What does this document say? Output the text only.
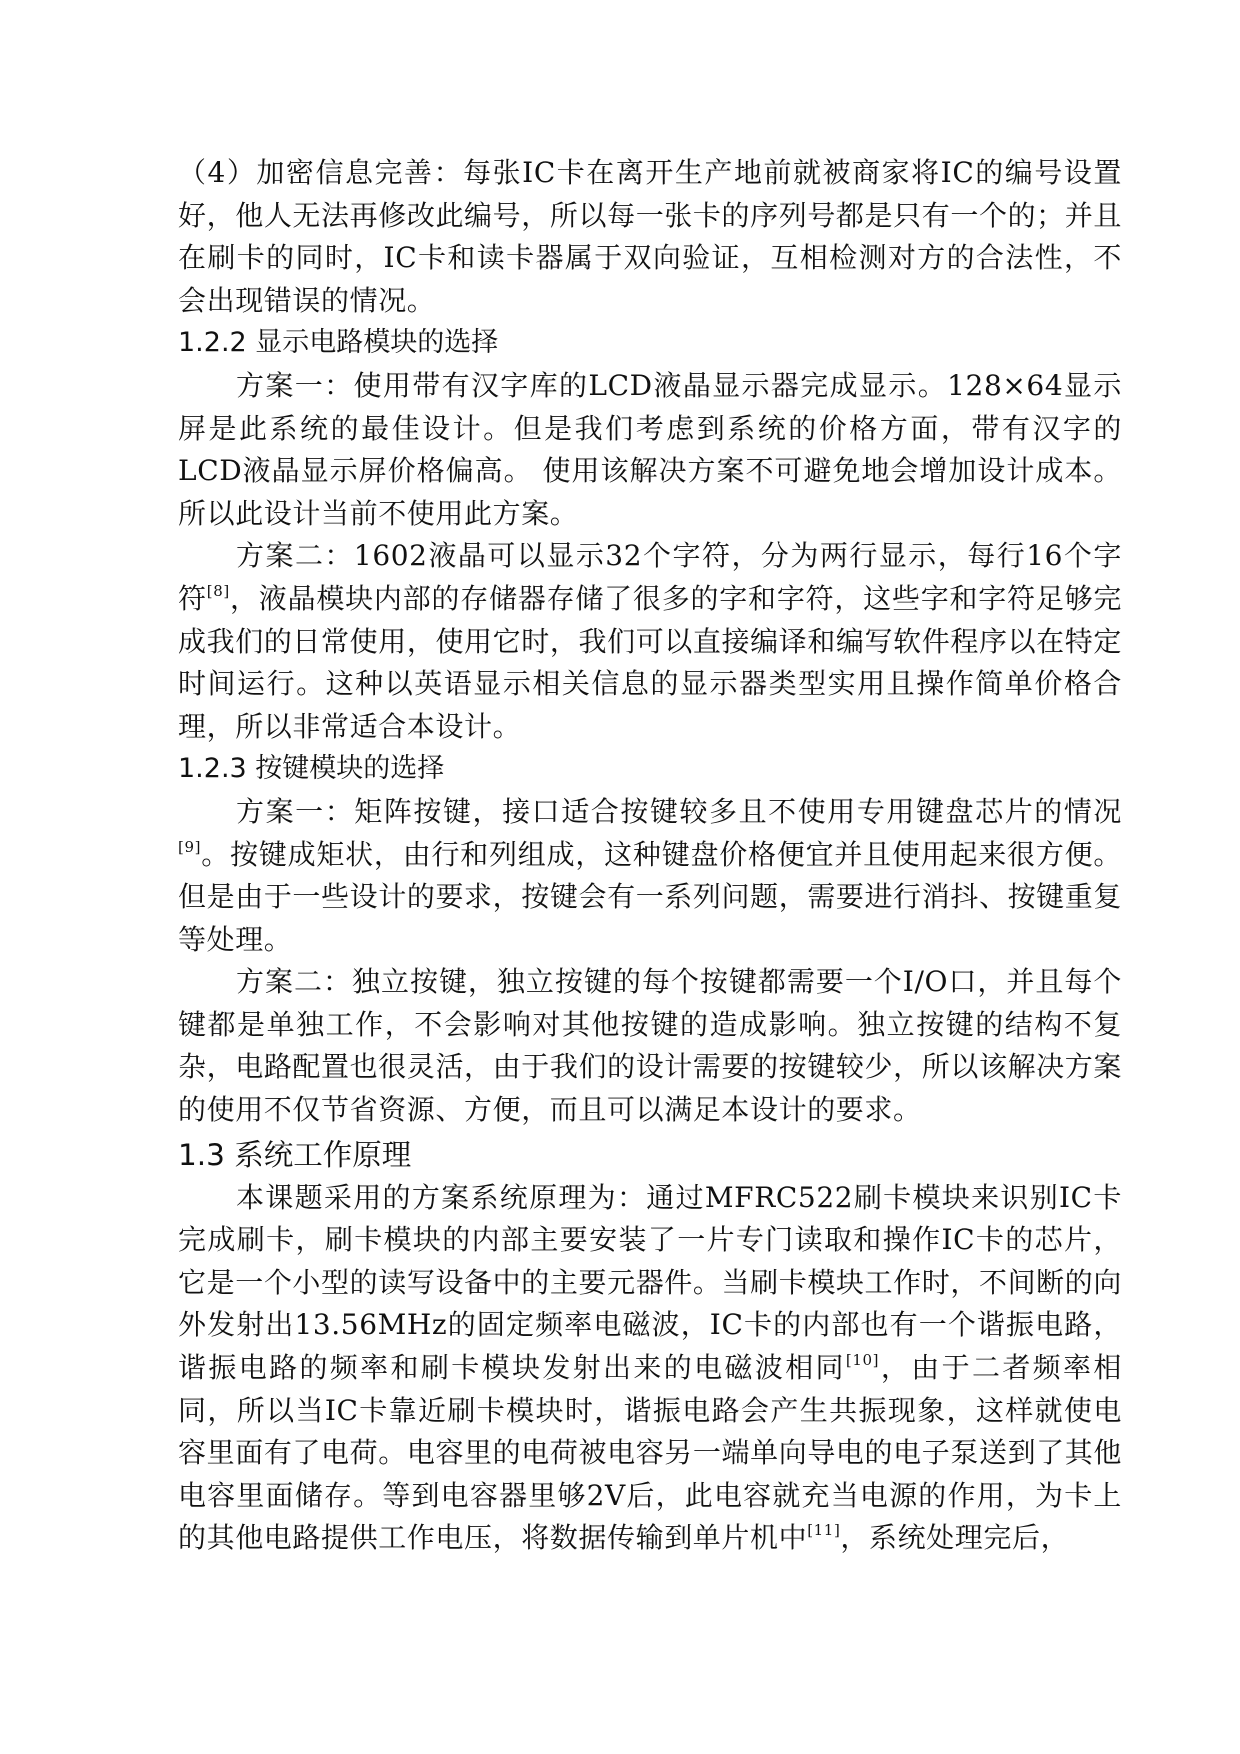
（4）加密信息完善：每张IC卡在离开生产地前就被商家将IC的编号设置好，他人无法再修改此编号，所以每一张卡的序列号都是只有一个的；并且在刷卡的同时，IC卡和读卡器属于双向验证，互相检测对方的合法性，不会出现错误的情况。

1.2.2 显示电路模块的选择

方案一：使用带有汉字库的LCD液晶显示器完成显示。128×64显示屏是此系统的最佳设计。但是我们考虑到系统的价格方面，带有汉字的LCD液晶显示屏价格偏高。 使用该解决方案不可避免地会增加设计成本。所以此设计当前不使用此方案。

方案二：1602液晶可以显示32个字符，分为两行显示，每行16个字符[8]，液晶模块内部的存储器存储了很多的字和字符，这些字和字符足够完成我们的日常使用，使用它时，我们可以直接编译和编写软件程序以在特定时间运行。这种以英语显示相关信息的显示器类型实用且操作简单价格合理，所以非常适合本设计。

1.2.3 按键模块的选择

方案一：矩阵按键，接口适合按键较多且不使用专用键盘芯片的情况[9]。按键成矩状，由行和列组成，这种键盘价格便宜并且使用起来很方便。但是由于一些设计的要求，按键会有一系列问题，需要进行消抖、按键重复等处理。

方案二：独立按键，独立按键的每个按键都需要一个I/O口，并且每个键都是单独工作，不会影响对其他按键的造成影响。独立按键的结构不复杂，电路配置也很灵活，由于我们的设计需要的按键较少，所以该解决方案的使用不仅节省资源、方便，而且可以满足本设计的要求。

1.3 系统工作原理

本课题采用的方案系统原理为：通过MFRC522刷卡模块来识别IC卡完成刷卡，刷卡模块的内部主要安装了一片专门读取和操作IC卡的芯片，它是一个小型的读写设备中的主要元器件。当刷卡模块工作时，不间断的向外发射出13.56MHz的固定频率电磁波，IC卡的内部也有一个谐振电路，谐振电路的频率和刷卡模块发射出来的电磁波相同[10]，由于二者频率相同，所以当IC卡靠近刷卡模块时，谐振电路会产生共振现象，这样就使电容里面有了电荷。电容里的电荷被电容另一端单向导电的电子泵送到了其他电容里面储存。等到电容器里够2V后，此电容就充当电源的作用，为卡上的其他电路提供工作电压，将数据传输到单片机中[11]，系统处理完后，
